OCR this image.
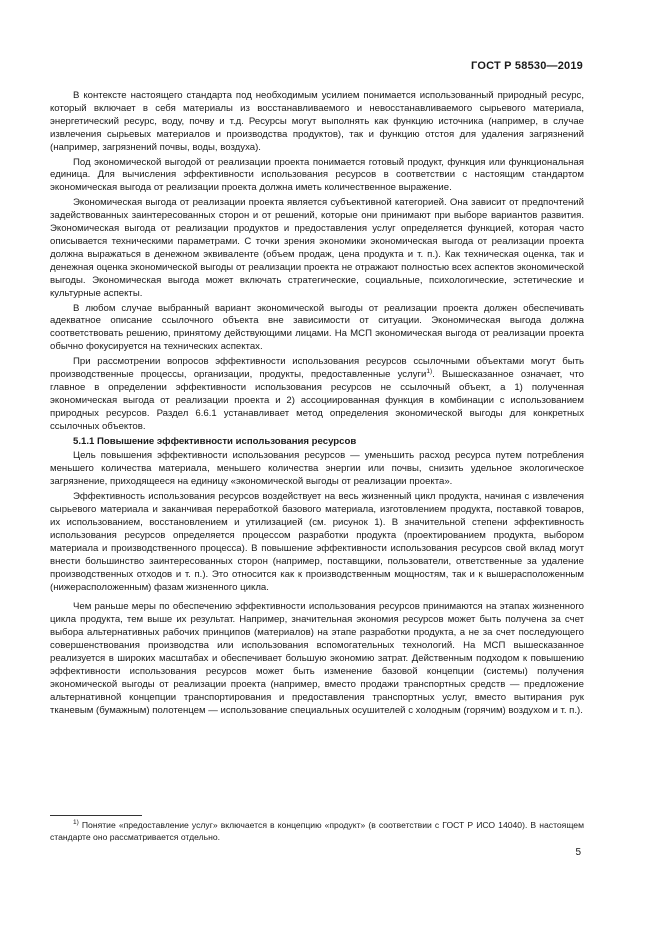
ГОСТ Р 58530—2019

В контексте настоящего стандарта под необходимым усилием понимается использованный природный ресурс, который включает в себя материалы из восстанавливаемого и невосстанавливаемого сырьевого материала, энергетический ресурс, воду, почву и т.д. Ресурсы могут выполнять как функцию источника (например, в случае извлечения сырьевых материалов и производства продуктов), так и функцию отстоя для удаления загрязнений (например, загрязнений почвы, воды, воздуха).

Под экономической выгодой от реализации проекта понимается готовый продукт, функция или функциональная единица. Для вычисления эффективности использования ресурсов в соответствии с настоящим стандартом экономическая выгода от реализации проекта должна иметь количественное выражение.

Экономическая выгода от реализации проекта является субъективной категорией. Она зависит от предпочтений задействованных заинтересованных сторон и от решений, которые они принимают при выборе вариантов развития. Экономическая выгода от реализации продуктов и предоставления услуг определяется функцией, которая часто описывается техническими параметрами. С точки зрения экономики экономическая выгода от реализации проекта должна выражаться в денежном эквиваленте (объем продаж, цена продукта и т. п.). Как техническая оценка, так и денежная оценка экономической выгоды от реализации проекта не отражают полностью всех аспектов экономической выгоды. Экономическая выгода может включать стратегические, социальные, психологические, эстетические и культурные аспекты.

В любом случае выбранный вариант экономической выгоды от реализации проекта должен обеспечивать адекватное описание ссылочного объекта вне зависимости от ситуации. Экономическая выгода должна соответствовать решению, принятому действующими лицами. На МСП экономическая выгода от реализации проекта обычно фокусируется на технических аспектах.

При рассмотрении вопросов эффективности использования ресурсов ссылочными объектами могут быть производственные процессы, организации, продукты, предоставленные услуги$^{1)}$. Вышесказанное означает, что главное в определении эффективности использования ресурсов не ссылочный объект, а 1) полученная экономическая выгода от реализации проекта и 2) ассоциированная функция в комбинации с использованием природных ресурсов. Раздел 6.6.1 устанавливает метод определения экономической выгоды для конкретных ссылочных объектов.

5.1.1 Повышение эффективности использования ресурсов

Цель повышения эффективности использования ресурсов — уменьшить расход ресурса путем потребления меньшего количества материала, меньшего количества энергии или почвы, снизить удельное экологическое загрязнение, приходящееся на единицу «экономической выгоды от реализации проекта».

Эффективность использования ресурсов воздействует на весь жизненный цикл продукта, начиная с извлечения сырьевого материала и заканчивая переработкой базового материала, изготовлением продукта, поставкой товаров, их использованием, восстановлением и утилизацией (см. рисунок 1). В значительной степени эффективность использования ресурсов определяется процессом разработки продукта (проектированием продукта, выбором материала и производственного процесса). В повышение эффективности использования ресурсов свой вклад могут внести большинство заинтересованных сторон (например, поставщики, пользователи, ответственные за удаление производственных отходов и т. п.). Это относится как к производственным мощностям, так и к вышерасположенным (нижерасположенным) фазам жизненного цикла.

Чем раньше меры по обеспечению эффективности использования ресурсов принимаются на этапах жизненного цикла продукта, тем выше их результат. Например, значительная экономия ресурсов может быть получена за счет выбора альтернативных рабочих принципов (материалов) на этапе разработки продукта, а не за счет последующего совершенствования производства или использования вспомогательных технологий. На МСП вышесказанное реализуется в широких масштабах и обеспечивает большую экономию затрат. Действенным подходом к повышению эффективности использования ресурсов может быть изменение базовой концепции (системы) получения экономической выгоды от реализации проекта (например, вместо продажи транспортных средств — предложение альтернативной концепции транспортирования и предоставления транспортных услуг, вместо вытирания рук тканевым (бумажным) полотенцем — использование специальных осушителей с холодным (горячим) воздухом и т. п.).

$^{1)}$ Понятие «предоставление услуг» включается в концепцию «продукт» (в соответствии с ГОСТ Р ИСО 14040). В настоящем стандарте оно рассматривается отдельно.

5
